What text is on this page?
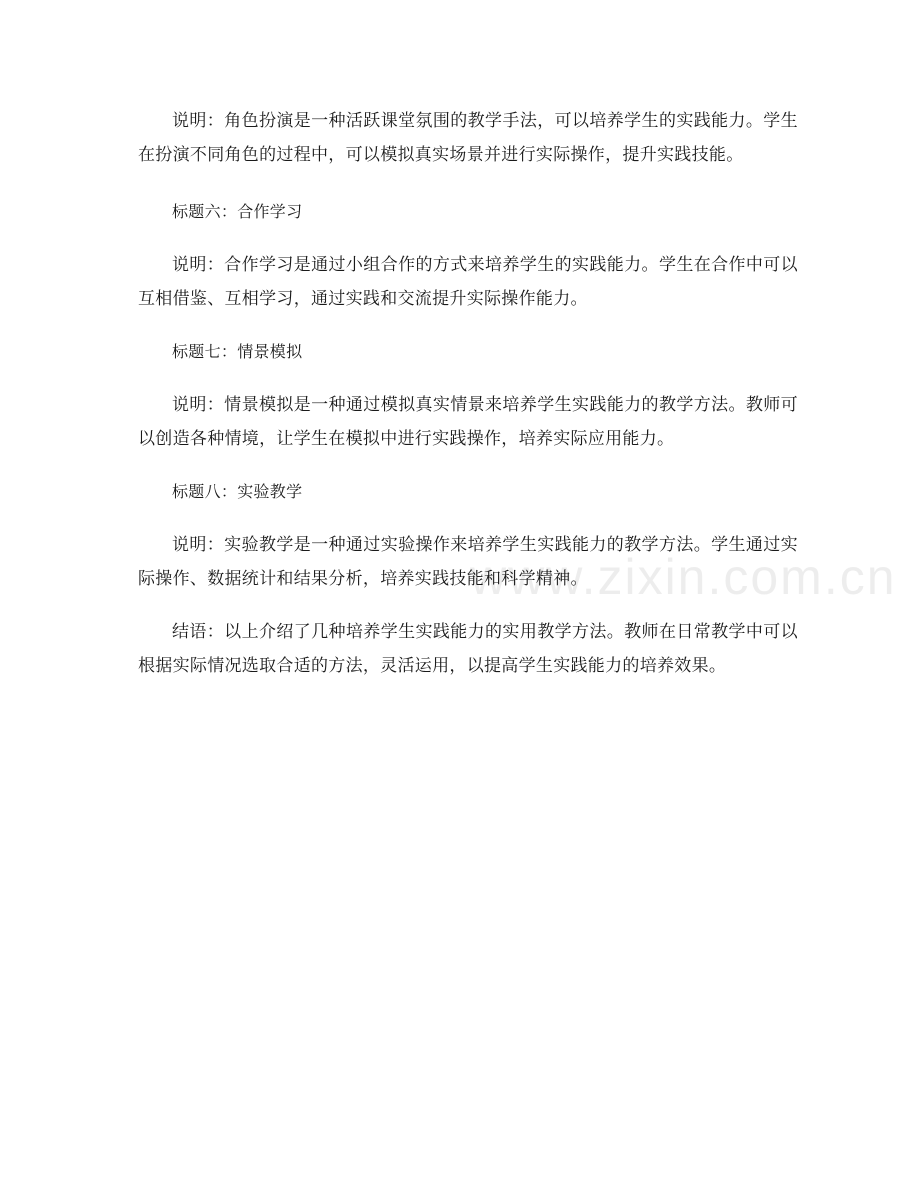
www.zixin.com.cn

说明：角色扮演是一种活跃课堂氛围的教学手法，可以培养学生的实践能力。学生在扮演不同角色的过程中，可以模拟真实场景并进行实际操作，提升实践技能。

标题六：合作学习

说明：合作学习是通过小组合作的方式来培养学生的实践能力。学生在合作中可以互相借鉴、互相学习，通过实践和交流提升实际操作能力。

标题七：情景模拟

说明：情景模拟是一种通过模拟真实情景来培养学生实践能力的教学方法。教师可以创造各种情境，让学生在模拟中进行实践操作，培养实际应用能力。

标题八：实验教学

说明：实验教学是一种通过实验操作来培养学生实践能力的教学方法。学生通过实际操作、数据统计和结果分析，培养实践技能和科学精神。

结语：以上介绍了几种培养学生实践能力的实用教学方法。教师在日常教学中可以根据实际情况选取合适的方法，灵活运用，以提高学生实践能力的培养效果。
